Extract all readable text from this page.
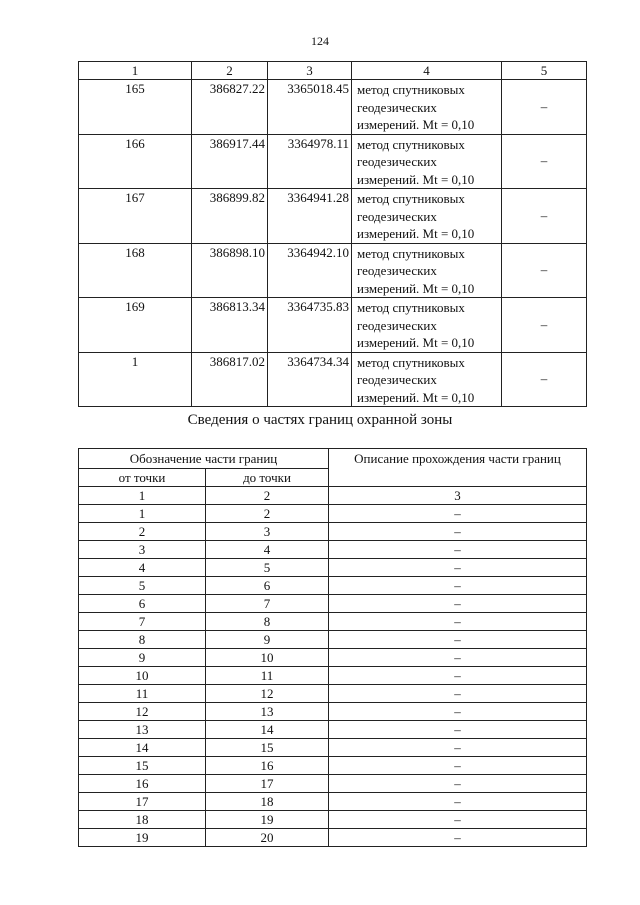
124
1	2	3	4	5
165	386827.22	3365018.45	метод спутниковых
геодезических
измерений. Mt = 0,10	–
166	386917.44	3364978.11	метод спутниковых
геодезических
измерений. Mt = 0,10	–
167	386899.82	3364941.28	метод спутниковых
геодезических
измерений. Mt = 0,10	–
168	386898.10	3364942.10	метод спутниковых
геодезических
измерений. Mt = 0,10	–
169	386813.34	3364735.83	метод спутниковых
геодезических
измерений. Mt = 0,10	–
1	386817.02	3364734.34	метод спутниковых
геодезических
измерений. Mt = 0,10	–
Сведения о частях границ охранной зоны
Обозначение части границ		Описание прохождения части границ
от точки	до точки	
1	2	3
1	2	–
2	3	–
3	4	–
4	5	–
5	6	–
6	7	–
7	8	–
8	9	–
9	10	–
10	11	–
11	12	–
12	13	–
13	14	–
14	15	–
15	16	–
16	17	–
17	18	–
18	19	–
19	20	–
